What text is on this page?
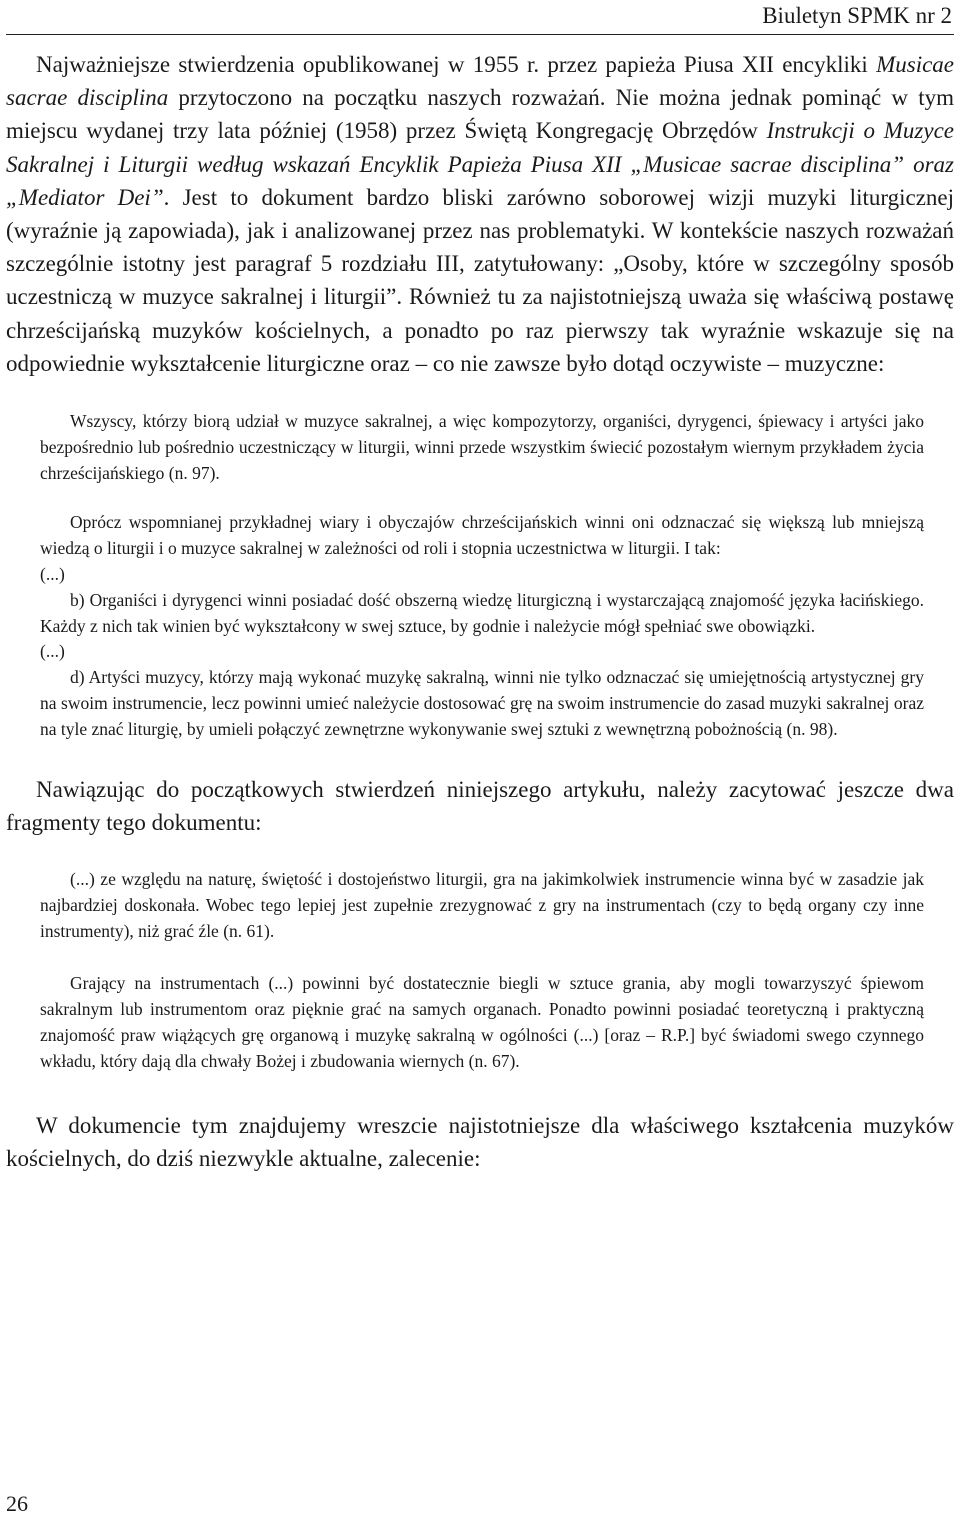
Biuletyn SPMK nr 2

Najważniejsze stwierdzenia opublikowanej w 1955 r. przez papieża Piusa XII encykliki Musicae sacrae disciplina przytoczono na początku naszych rozważań. Nie można jednak pominąć w tym miejscu wydanej trzy lata później (1958) przez Świętą Kongregację Obrzędów Instrukcji o Muzyce Sakralnej i Liturgii według wskazań Encyklik Papieża Piusa XII „Musicae sacrae disciplina” oraz „Mediator Dei”. Jest to dokument bardzo bliski zarówno soborowej wizji muzyki liturgicznej (wyraźnie ją zapowiada), jak i analizowanej przez nas problematyki. W kontekście naszych rozważań szczególnie istotny jest paragraf 5 rozdziału III, zatytułowany: „Osoby, które w szczególny sposób uczestniczą w muzyce sakralnej i liturgii”. Również tu za najistotniejszą uważa się właściwą postawę chrześcijańską muzyków kościelnych, a ponadto po raz pierwszy tak wyraźnie wskazuje się na odpowiednie wykształcenie liturgiczne oraz – co nie zawsze było dotąd oczywiste – muzyczne:

Wszyscy, którzy biorą udział w muzyce sakralnej, a więc kompozytorzy, organiści, dyrygenci, śpiewacy i artyści jako bezpośrednio lub pośrednio uczestniczący w liturgii, winni przede wszystkim świecić pozostałym wiernym przykładem życia chrześcijańskiego (n. 97).

Oprócz wspomnianej przykładnej wiary i obyczajów chrześcijańskich winni oni odznaczać się większą lub mniejszą wiedzą o liturgii i o muzyce sakralnej w zależności od roli i stopnia uczestnictwa w liturgii. I tak:

(...)

b) Organiści i dyrygenci winni posiadać dość obszerną wiedzę liturgiczną i wystarczającą znajomość języka łacińskiego. Każdy z nich tak winien być wykształcony w swej sztuce, by godnie i należycie mógł spełniać swe obowiązki.

(...)

d) Artyści muzycy, którzy mają wykonać muzykę sakralną, winni nie tylko odznaczać się umiejętnością artystycznej gry na swoim instrumencie, lecz powinni umieć należycie dostosować grę na swoim instrumencie do zasad muzyki sakralnej oraz na tyle znać liturgię, by umieli połączyć zewnętrzne wykonywanie swej sztuki z wewnętrzną pobożnością (n. 98).

Nawiązując do początkowych stwierdzeń niniejszego artykułu, należy zacytować jeszcze dwa fragmenty tego dokumentu:

(...) ze względu na naturę, świętość i dostojeństwo liturgii, gra na jakimkolwiek instrumencie winna być w zasadzie jak najbardziej doskonała. Wobec tego lepiej jest zupełnie zrezygnować z gry na instrumentach (czy to będą organy czy inne instrumenty), niż grać źle (n. 61).

Grający na instrumentach (...) powinni być dostatecznie biegli w sztuce grania, aby mogli towarzyszyć śpiewom sakralnym lub instrumentom oraz pięknie grać na samych organach. Ponadto powinni posiadać teoretyczną i praktyczną znajomość praw wiążących grę organową i muzykę sakralną w ogólności (...) [oraz – R.P.] być świadomi swego czynnego wkładu, który dają dla chwały Bożej i zbudowania wiernych (n. 67).

W dokumencie tym znajdujemy wreszcie najistotniejsze dla właściwego kształcenia muzyków kościelnych, do dziś niezwykle aktualne, zalecenie:

26
